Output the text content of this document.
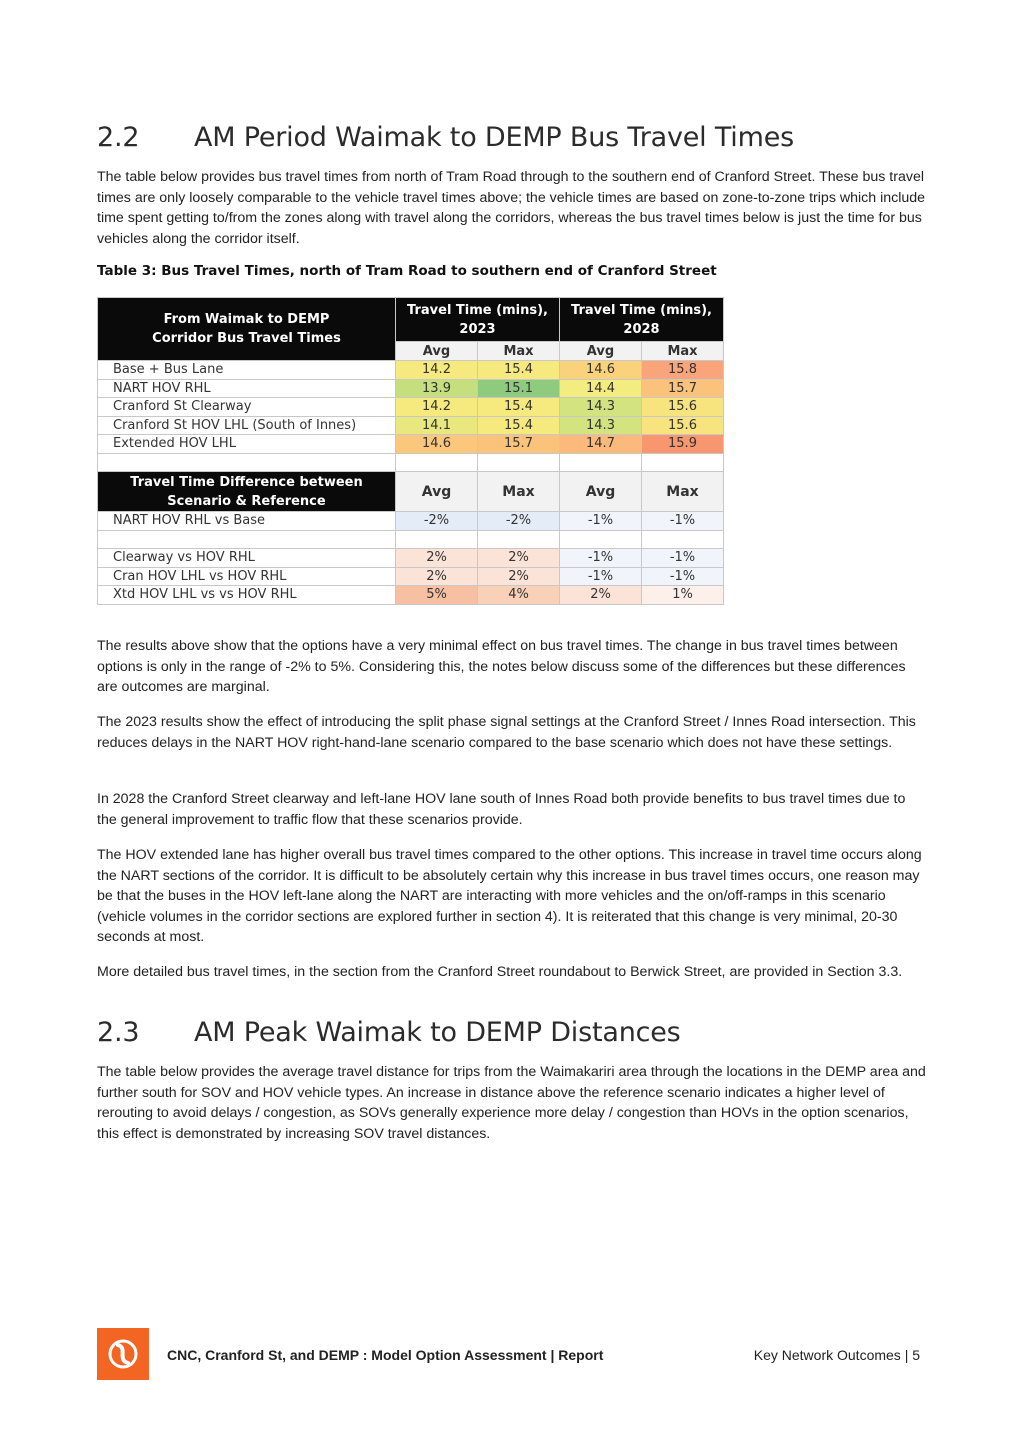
2.2 AM Period Waimak to DEMP Bus Travel Times

The table below provides bus travel times from north of Tram Road through to the southern end of Cranford Street. These bus travel times are only loosely comparable to the vehicle travel times above; the vehicle times are based on zone-to-zone trips which include time spent getting to/from the zones along with travel along the corridors, whereas the bus travel times below is just the time for bus vehicles along the corridor itself.

Table 3: Bus Travel Times, north of Tram Road to southern end of Cranford Street

From Waimak to DEMP Corridor Bus Travel Times	Travel Time (mins), 2023		Travel Time (mins), 2028	
	Avg	Max	Avg	Max
Base + Bus Lane	14.2	15.4	14.6	15.8
NART HOV RHL	13.9	15.1	14.4	15.7
Cranford St Clearway	14.2	15.4	14.3	15.6
Cranford St HOV LHL (South of Innes)	14.1	15.4	14.3	15.6
Extended HOV LHL	14.6	15.7	14.7	15.9

Travel Time Difference between Scenario & Reference	Avg	Max	Avg	Max
NART HOV RHL vs Base	-2%	-2%	-1%	-1%

Clearway vs HOV RHL	2%	2%	-1%	-1%
Cran HOV LHL vs HOV RHL	2%	2%	-1%	-1%
Xtd HOV LHL vs vs HOV RHL	5%	4%	2%	1%

The results above show that the options have a very minimal effect on bus travel times. The change in bus travel times between options is only in the range of -2% to 5%. Considering this, the notes below discuss some of the differences but these differences are outcomes are marginal.

The 2023 results show the effect of introducing the split phase signal settings at the Cranford Street / Innes Road intersection. This reduces delays in the NART HOV right-hand-lane scenario compared to the base scenario which does not have these settings.

In 2028 the Cranford Street clearway and left-lane HOV lane south of Innes Road both provide benefits to bus travel times due to the general improvement to traffic flow that these scenarios provide.

The HOV extended lane has higher overall bus travel times compared to the other options. This increase in travel time occurs along the NART sections of the corridor. It is difficult to be absolutely certain why this increase in bus travel times occurs, one reason may be that the buses in the HOV left-lane along the NART are interacting with more vehicles and the on/off-ramps in this scenario (vehicle volumes in the corridor sections are explored further in section 4). It is reiterated that this change is very minimal, 20-30 seconds at most.

More detailed bus travel times, in the section from the Cranford Street roundabout to Berwick Street, are provided in Section 3.3.

2.3 AM Peak Waimak to DEMP Distances

The table below provides the average travel distance for trips from the Waimakariri area through the locations in the DEMP area and further south for SOV and HOV vehicle types. An increase in distance above the reference scenario indicates a higher level of rerouting to avoid delays / congestion, as SOVs generally experience more delay / congestion than HOVs in the option scenarios, this effect is demonstrated by increasing SOV travel distances.

CNC, Cranford St, and DEMP : Model Option Assessment | Report	Key Network Outcomes | 5
